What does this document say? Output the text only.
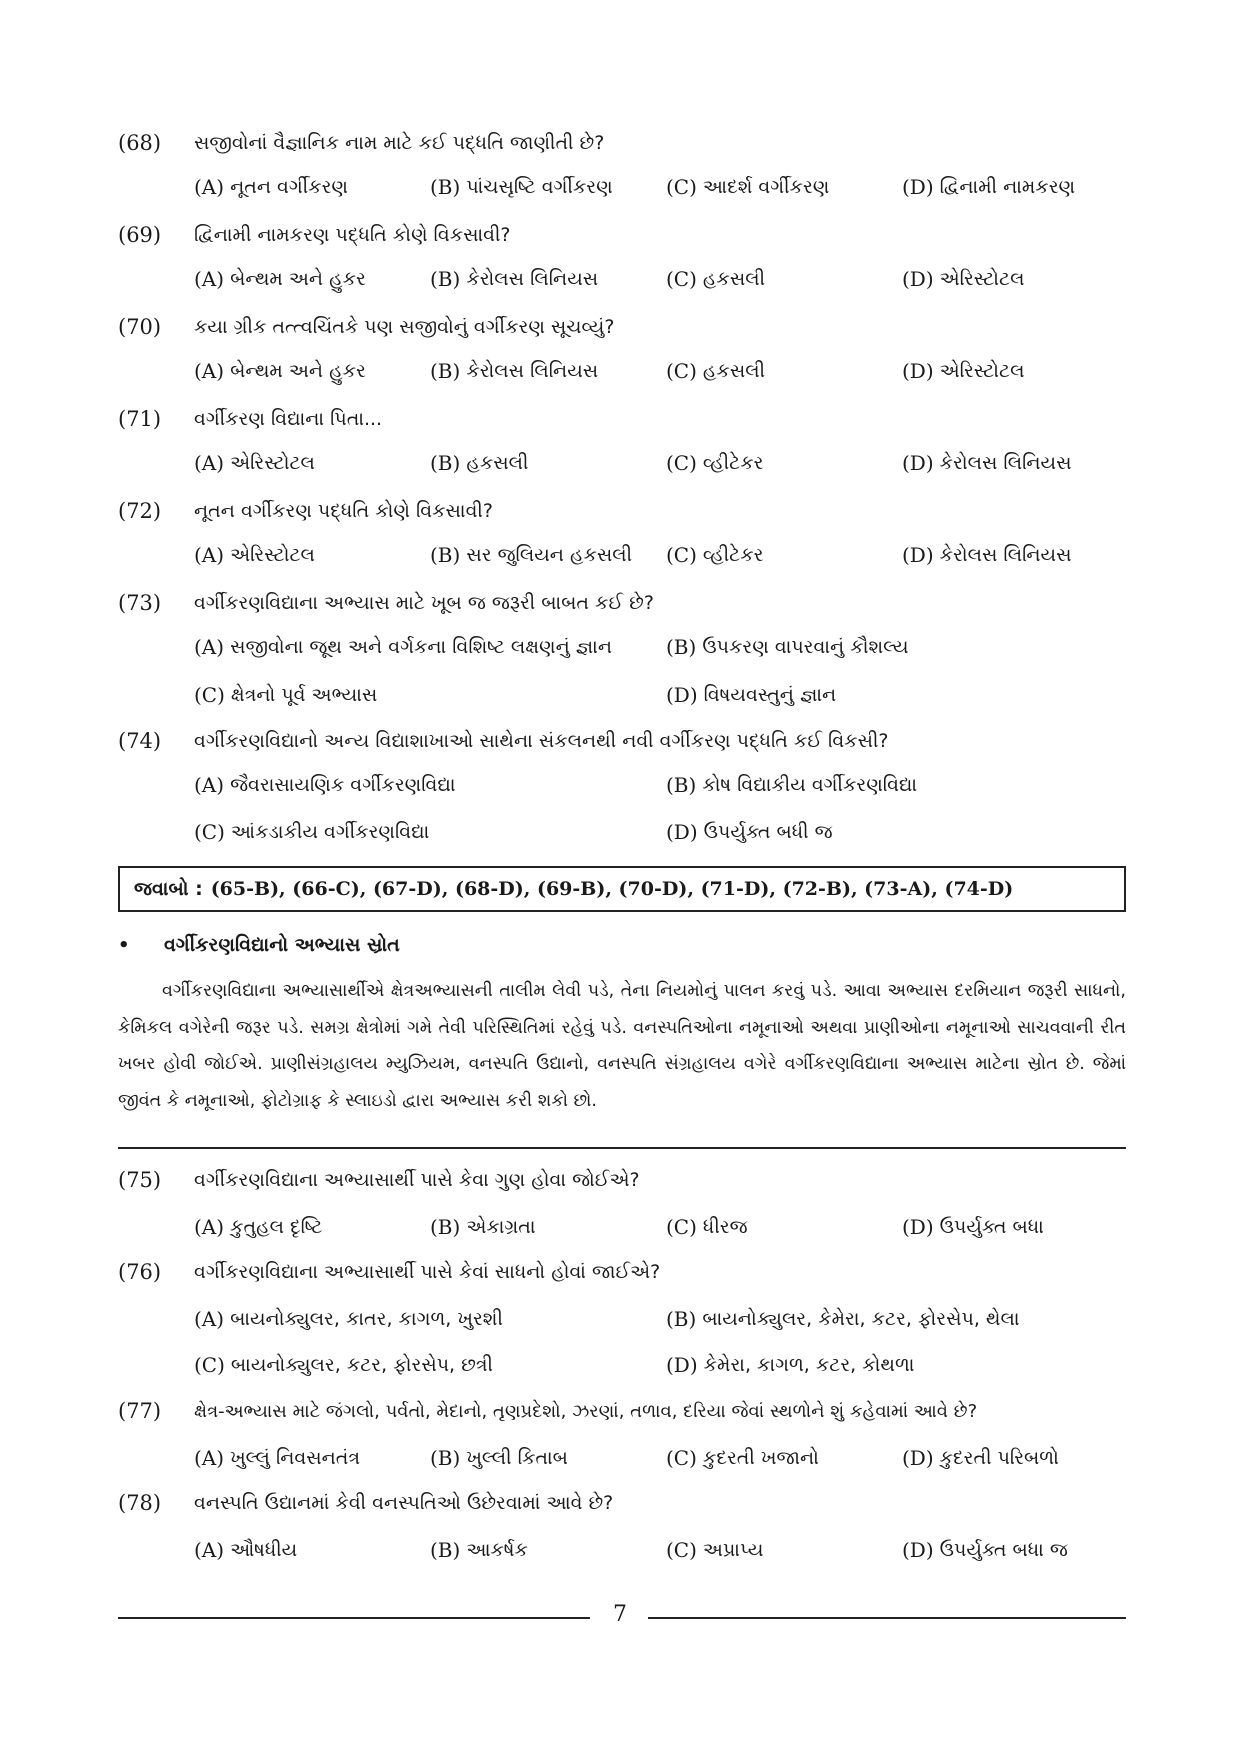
(68)	સજીવોનાં વૈજ્ઞાનિક નામ માટે કઈ પદ્ધતિ જાણીતી છે?
(A) નૂતન વર્ગીકરણ	(B) પાંચસૃષ્ટિ વર્ગીકરણ	(C) આદર્શ વર્ગીકરણ	(D) દ્વિનામી નામકરણ
(69)	દ્વિનામી નામકરણ પદ્ધતિ કોણે વિકસાવી?
(A) બેન્થમ અને હુકર	(B) કેરોલસ લિનિયસ	(C) હકસલી	(D) એરિસ્ટોટલ
(70)	કયા ગ્રીક તત્ત્વચિંતકે પણ સજીવોનું વર્ગીકરણ સૂચવ્યું?
(A) બેન્થમ અને હુકર	(B) કેરોલસ લિનિયસ	(C) હકસલી	(D) એરિસ્ટોટલ
(71)	વર્ગીકરણ વિદ્યાના પિતા...
(A) એરિસ્ટોટલ	(B) હકસલી	(C) વ્હીટેકર	(D) કેરોલસ લિનિયસ
(72)	નૂતન વર્ગીકરણ પદ્ધતિ કોણે વિકસાવી?
(A) એરિસ્ટોટલ	(B) સર જુલિયન હકસલી (C) વ્હીટેકર	(D) કેરોલસ લિનિયસ
(73)	વર્ગીકરણવિદ્યાના અભ્યાસ માટે ખૂબ જ જરૂરી બાબત કઈ છે?
(A) સજીવોના જૂથ અને વર્ગકના વિશિષ્ટ લક્ષણનું જ્ઞાન	(B) ઉપકરણ વાપરવાનું કૌશલ્ય
(C) ક્ષેત્રનો પૂર્વ અભ્યાસ	(D) વિષયવસ્તુનું જ્ઞાન
(74)	વર્ગીકરણવિદ્યાનો અન્ય વિદ્યાશાખાઓ સાથેના સંકલનથી નવી વર્ગીકરણ પદ્ધતિ કઈ વિકસી?
(A) જૈવરાસાયણિક વર્ગીકરણવિદ્યા	(B) કોષ વિદ્યાકીય વર્ગીકરણવિદ્યા
(C) આંકડાકીય વર્ગીકરણવિદ્યા	(D) ઉપર્યુક્ત બધી જ
જવાબો : (65-B), (66-C), (67-D), (68-D), (69-B), (70-D), (71-D), (72-B), (73-A), (74-D)
•	વર્ગીકરણવિદ્યાનો અભ્યાસ સ્રોત

વર્ગીકરણવિદ્યાના અભ્યાસાર્થીએ ક્ષેત્રઅભ્યાસની તાલીમ લેવી પડે, તેના નિયમોનું પાલન કરવું પડે. આવા અભ્યાસ દરમિયાન જરૂરી સાધનો, કેમિકલ વગેરેની જરૂર પડે. સમગ્ર ક્ષેત્રોમાં ગમે તેવી પરિસ્થિતિમાં રહેવું પડે. વનસ્પતિઓના નમૂનાઓ અથવા પ્રાણીઓના નમૂનાઓ સાચવવાની રીત ખબર હોવી જોઈએ. પ્રાણીસંગ્રહાલય મ્યુઝિયમ, વનસ્પતિ ઉદ્યાનો, વનસ્પતિ સંગ્રહાલય વગેરે વર્ગીકરણવિદ્યાના અભ્યાસ માટેના સ્રોત છે. જેમાં જીવંત કે નમૂનાઓ, ફોટોગ્રાફ કે સ્લાઇડો દ્વારા અભ્યાસ કરી શકો છો.

(75)	વર્ગીકરણવિદ્યાના અભ્યાસાર્થી પાસે કેવા ગુણ હોવા જોઈએ?
(A) કુતુહલ દૃષ્ટિ	(B) એકાગ્રતા	(C) ધીરજ	(D) ઉપર્યુક્ત બધા
(76)	વર્ગીકરણવિદ્યાના અભ્યાસાર્થી પાસે કેવાં સાધનો હોવાં જાઈએ?
(A) બાયનોક્યુલર, કાતર, કાગળ, ખુરશી	(B) બાયનોક્યુલર, કેમેરા, કટર, ફોરસેપ, થેલા
(C) બાયનોક્યુલર, કટર, ફોરસેપ, છત્રી	(D) કેમેરા, કાગળ, કટર, કોથળા
(77)	ક્ષેત્ર-અભ્યાસ માટે જંગલો, પર્વતો, મેદાનો, તૃણપ્રદેશો, ઝરણાં, તળાવ, દરિયા જેવાં સ્થળોને શું કહેવામાં આવે છે?
(A) ખુલ્લું નિવસનતંત્ર	(B) ખુલ્લી કિતાબ	(C) કુદરતી ખજાનો	(D) કુદરતી પરિબળો
(78)	વનસ્પતિ ઉદ્યાનમાં કેવી વનસ્પતિઓ ઉછેરવામાં આવે છે?
(A) ઔષધીય	(B) આકર્ષક	(C) અપ્રાપ્ય	(D) ઉપર્યુક્ત બધા જ
7
